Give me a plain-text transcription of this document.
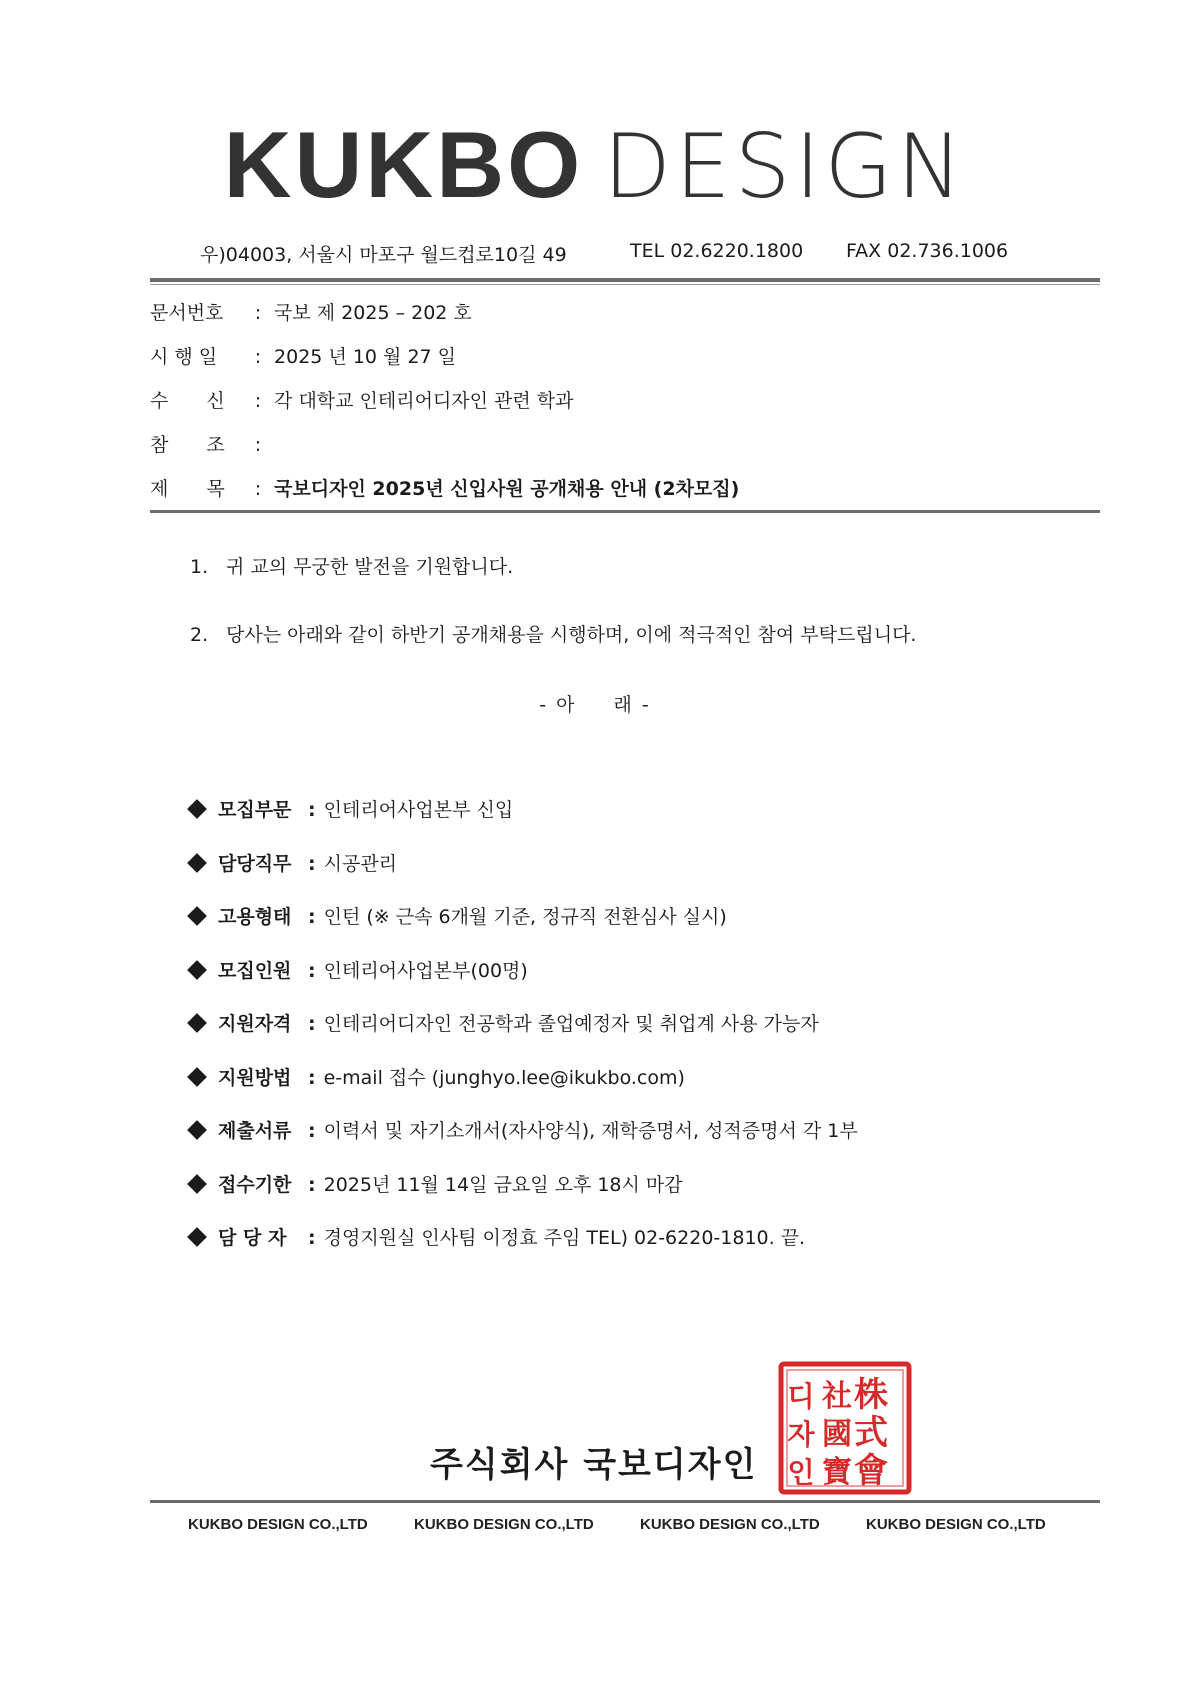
KUKBO DESIGN
우)04003, 서울시 마포구 월드컵로10길 49	TEL 02.6220.1800 FAX 02.736.1006
문서번호 : 국보 제 2025 – 202 호
시 행 일 : 2025 년 10 월 27 일
수　　신 : 각 대학교 인테리어디자인 관련 학과
참　　조 :
제　　목 : 국보디자인 2025년 신입사원 공개채용 안내 (2차모집)
1. 귀 교의 무궁한 발전을 기원합니다.
2. 당사는 아래와 같이 하반기 공개채용을 시행하며, 이에 적극적인 참여 부탁드립니다.
- 아 　 래 -
모집부문 : 인테리어사업본부 신입
담당직무 : 시공관리
고용형태 : 인턴 (※ 근속 6개월 기준, 정규직 전환심사 실시)
모집인원 : 인테리어사업본부(00명)
지원자격 : 인테리어디자인 전공학과 졸업예정자 및 취업계 사용 가능자
지원방법 : e-mail 접수 (junghyo.lee@ikukbo.com)
제출서류 : 이력서 및 자기소개서(자사양식), 재학증명서, 성적증명서 각 1부
접수기한 : 2025년 11월 14일 금요일 오후 18시 마감
담 당 자 : 경영지원실 인사팀 이정효 주임 TEL) 02-6220-1810. 끝.
주식회사 국보디자인
株
式
會
社
國
寶
디
자
인
KUKBO DESIGN CO.,LTD	KUKBO DESIGN CO.,LTD	KUKBO DESIGN CO.,LTD	KUKBO DESIGN CO.,LTD
